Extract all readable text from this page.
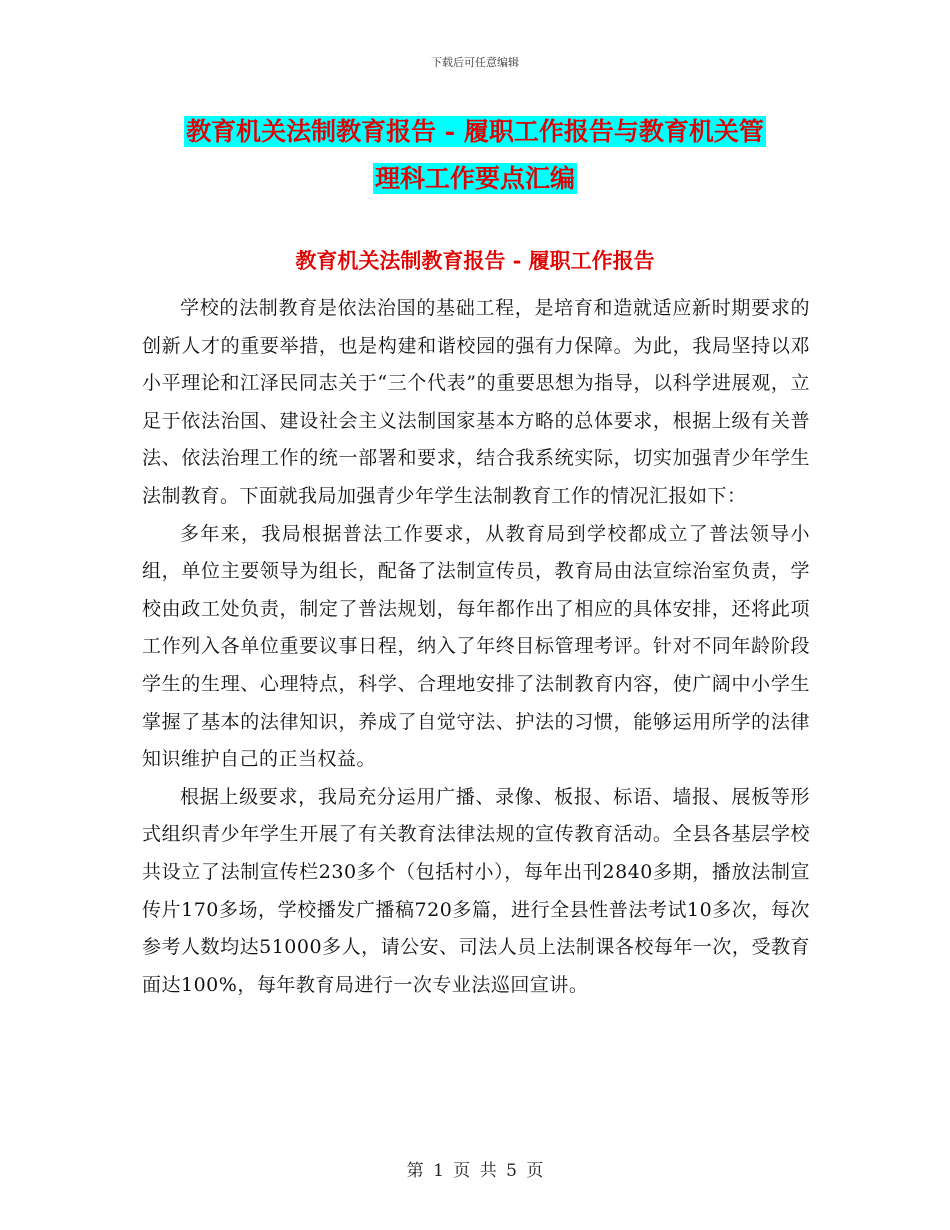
下载后可任意编辑
教育机关法制教育报告 - 履职工作报告与教育机关管
理科工作要点汇编
教育机关法制教育报告 - 履职工作报告

学校的法制教育是依法治国的基础工程，是培育和造就适应新时期要求的创新人才的重要举措，也是构建和谐校园的强有力保障。为此，我局坚持以邓小平理论和江泽民同志关于“三个代表”的重要思想为指导，以科学进展观，立足于依法治国、建设社会主义法制国家基本方略的总体要求，根据上级有关普法、依法治理工作的统一部署和要求，结合我系统实际，切实加强青少年学生法制教育。下面就我局加强青少年学生法制教育工作的情况汇报如下：

多年来，我局根据普法工作要求，从教育局到学校都成立了普法领导小组，单位主要领导为组长，配备了法制宣传员，教育局由法宣综治室负责，学校由政工处负责，制定了普法规划，每年都作出了相应的具体安排，还将此项工作列入各单位重要议事日程，纳入了年终目标管理考评。针对不同年龄阶段学生的生理、心理特点，科学、合理地安排了法制教育内容，使广阔中小学生掌握了基本的法律知识，养成了自觉守法、护法的习惯，能够运用所学的法律知识维护自己的正当权益。

根据上级要求，我局充分运用广播、录像、板报、标语、墙报、展板等形式组织青少年学生开展了有关教育法律法规的宣传教育活动。全县各基层学校共设立了法制宣传栏230多个（包括村小），每年出刊2840多期，播放法制宣传片170多场，学校播发广播稿720多篇，进行全县性普法考试10多次，每次参考人数均达51000多人，请公安、司法人员上法制课各校每年一次，受教育面达100%，每年教育局进行一次专业法巡回宣讲。

第 1 页 共 5 页
